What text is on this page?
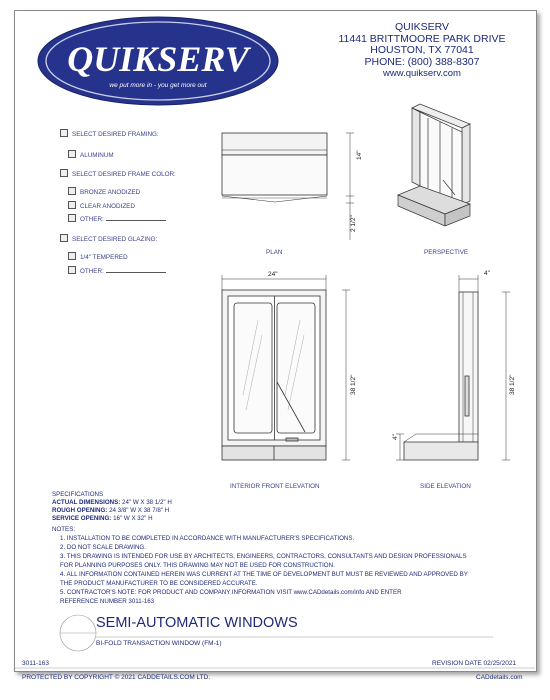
QUIKSERV
we put more in - you get more out
QUIKSERV
11441 BRITTMOORE PARK DRIVE
HOUSTON, TX 77041
PHONE: (800) 388-8307
www.quikserv.com
SELECT DESIRED FRAMING:
ALUMINUM
SELECT DESIRED FRAME COLOR:
BRONZE ANODIZED
CLEAR ANODIZED
OTHER:
SELECT DESIRED GLAZING:
1/4" TEMPERED
OTHER:
PLAN	PERSPECTIVE
INTERIOR FRONT ELEVATION	SIDE ELEVATION
14"
2 1/2"
24"
38 1/2"
4"
38 1/2"
4"
SPECIFICATIONS
ACTUAL DIMENSIONS: 24" W X 38 1/2" H
ROUGH OPENING: 24 3/8" W X 38 7/8" H
SERVICE OPENING: 16" W X 32" H
NOTES:
1. INSTALLATION TO BE COMPLETED IN ACCORDANCE WITH MANUFACTURER'S SPECIFICATIONS.
2. DO NOT SCALE DRAWING.
3. THIS DRAWING IS INTENDED FOR USE BY ARCHITECTS, ENGINEERS, CONTRACTORS, CONSULTANTS AND DESIGN PROFESSIONALS
FOR PLANNING PURPOSES ONLY. THIS DRAWING MAY NOT BE USED FOR CONSTRUCTION.
4. ALL INFORMATION CONTAINED HEREIN WAS CURRENT AT THE TIME OF DEVELOPMENT BUT MUST BE REVIEWED AND APPROVED BY
THE PRODUCT MANUFACTURER TO BE CONSIDERED ACCURATE.
5. CONTRACTOR'S NOTE: FOR PRODUCT AND COMPANY INFORMATION VISIT www.CADdetails.com/info AND ENTER
REFERENCE NUMBER 3011-163
SEMI-AUTOMATIC WINDOWS
BI-FOLD TRANSACTION WINDOW (FM-1)
3011-163	REVISION DATE 02/25/2021
PROTECTED BY COPYRIGHT © 2021 CADDETAILS.COM LTD.	CADdetails.com
